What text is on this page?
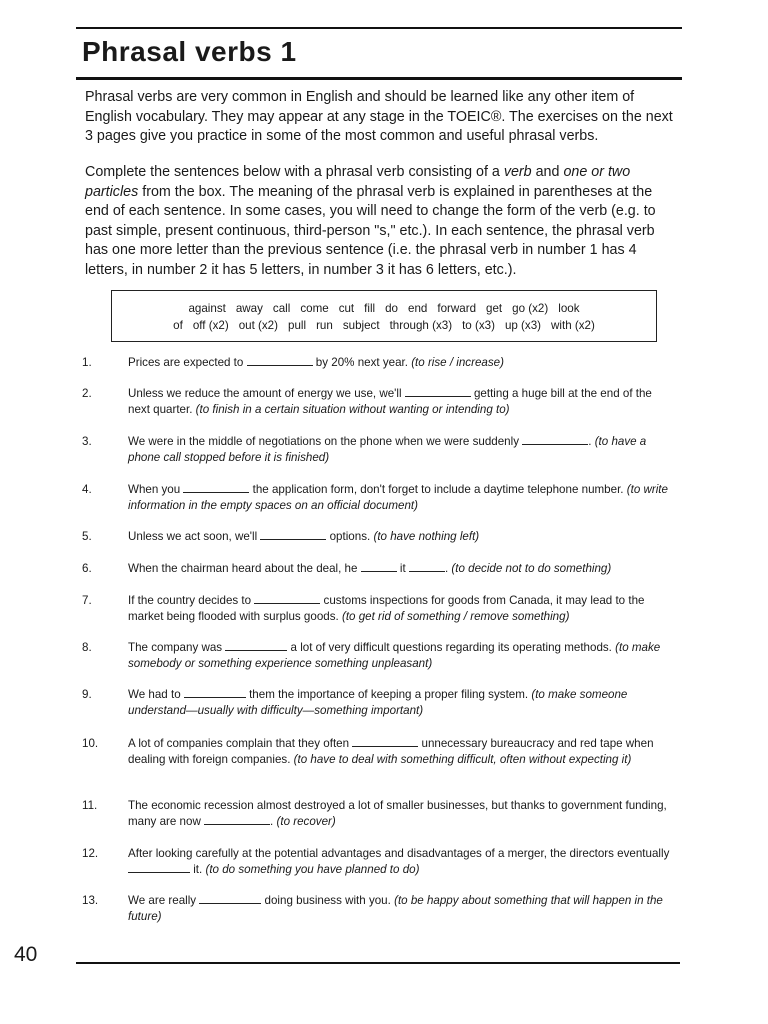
Phrasal verbs 1

Phrasal verbs are very common in English and should be learned like any other item of English vocabulary. They may appear at any stage in the TOEIC®. The exercises on the next 3 pages give you practice in some of the most common and useful phrasal verbs.

Complete the sentences below with a phrasal verb consisting of a verb and one or two particles from the box. The meaning of the phrasal verb is explained in parentheses at the end of each sentence. In some cases, you will need to change the form of the verb (e.g. to past simple, present continuous, third-person "s," etc.). In each sentence, the phrasal verb has one more letter than the previous sentence (i.e. the phrasal verb in number 1 has 4 letters, in number 2 it has 5 letters, in number 3 it has 6 letters, etc.).

against away call come cut fill do end forward get go (x2) look
of off (x2) out (x2) pull run subject through (x3) to (x3) up (x3) with (x2)
1.	Prices are expected to	by 20% next year. (to rise / increase)
2.	Unless we reduce the amount of energy we use, we'll	getting a huge bill at the end of the next quarter. (to finish in a certain situation without wanting or intending to)
3.	We were in the middle of negotiations on the phone when we were suddenly	. (to have a phone call stopped before it is finished)
4.	When you	the application form, don't forget to include a daytime telephone number. (to write information in the empty spaces on an official document)
5.	Unless we act soon, we'll	options. (to have nothing left)
6.	When the chairman heard about the deal, he	it	. (to decide not to do something)
7.	If the country decides to	customs inspections for goods from Canada, it may lead to the market being flooded with surplus goods. (to get rid of something / remove something)
8.	The company was	a lot of very difficult questions regarding its operating methods. (to make somebody or something experience something unpleasant)
9.	We had to	them the importance of keeping a proper filing system. (to make someone understand—usually with difficulty—something important)
10.	A lot of companies complain that they often	unnecessary bureaucracy and red tape when dealing with foreign companies. (to have to deal with something difficult, often without expecting it)
11.	The economic recession almost destroyed a lot of smaller businesses, but thanks to government funding, many are now	. (to recover)
12.	After looking carefully at the potential advantages and disadvantages of a merger, the directors eventually  it. (to do something you have planned to do)
13.	We are really	doing business with you. (to be happy about something that will happen in the future)
40
